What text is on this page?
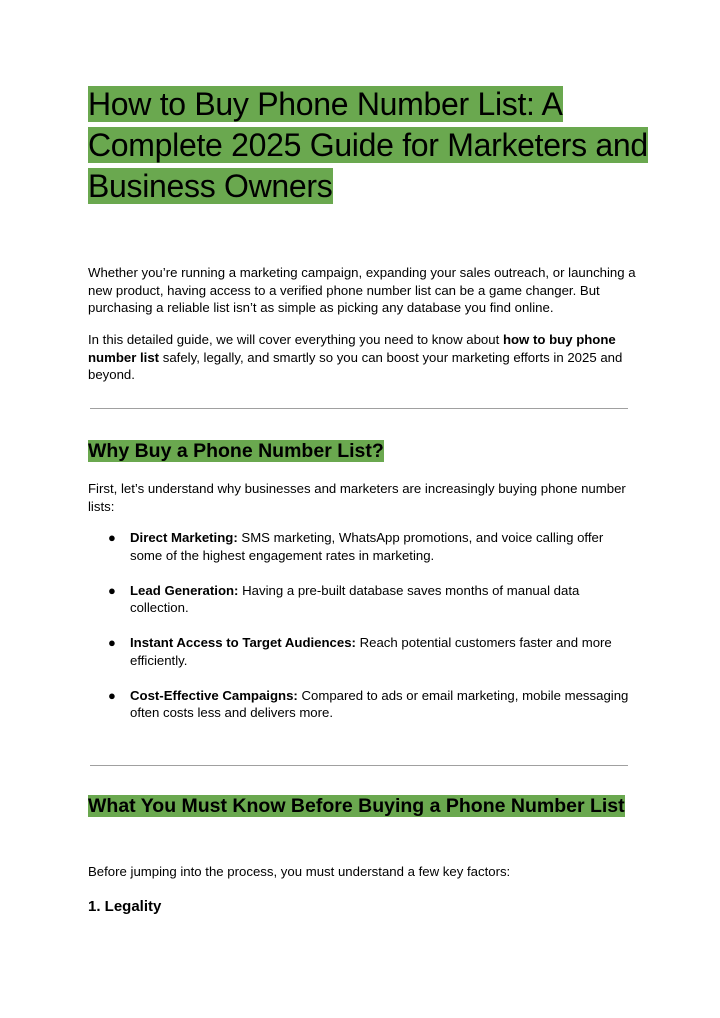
How to Buy Phone Number List: A Complete 2025 Guide for Marketers and Business Owners

Whether you’re running a marketing campaign, expanding your sales outreach, or launching a new product, having access to a verified phone number list can be a game changer. But purchasing a reliable list isn’t as simple as picking any database you find online.

In this detailed guide, we will cover everything you need to know about how to buy phone number list safely, legally, and smartly so you can boost your marketing efforts in 2025 and beyond.

Why Buy a Phone Number List?

First, let’s understand why businesses and marketers are increasingly buying phone number lists:

● Direct Marketing: SMS marketing, WhatsApp promotions, and voice calling offer some of the highest engagement rates in marketing.
● Lead Generation: Having a pre-built database saves months of manual data collection.
● Instant Access to Target Audiences: Reach potential customers faster and more efficiently.
● Cost-Effective Campaigns: Compared to ads or email marketing, mobile messaging often costs less and delivers more.
What You Must Know Before Buying a Phone Number List

Before jumping into the process, you must understand a few key factors:

1. Legality
